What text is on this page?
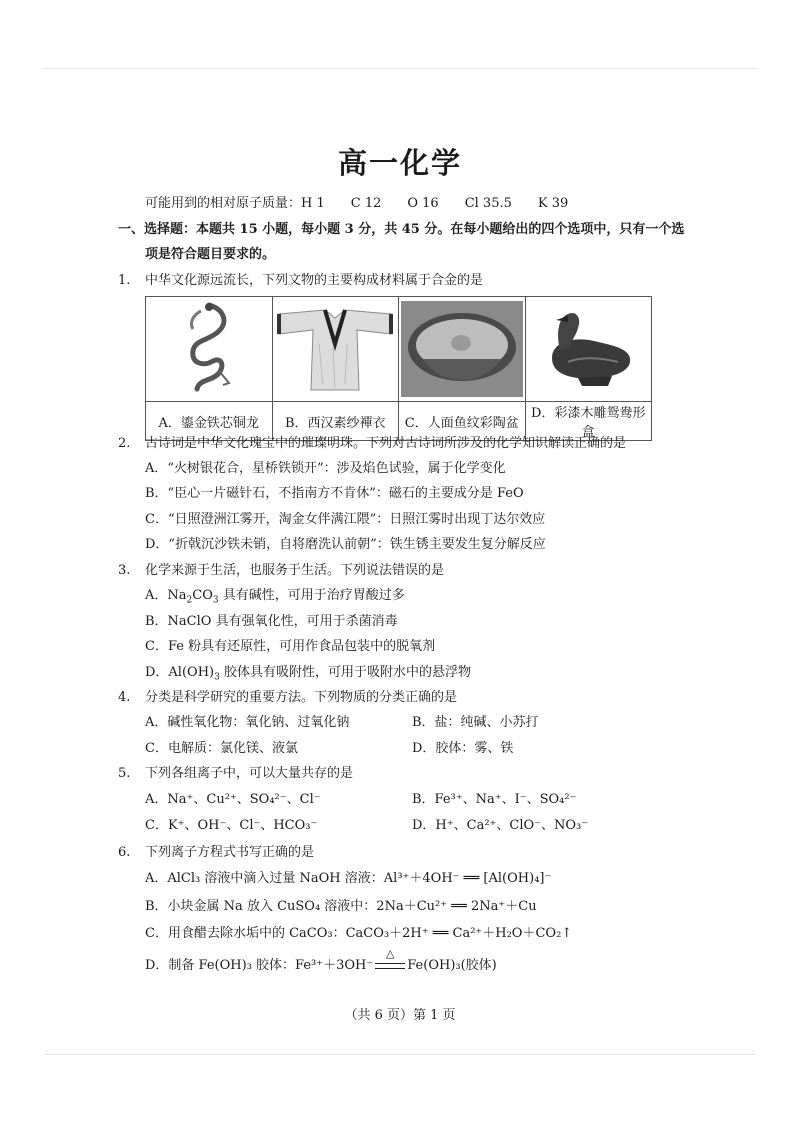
高一化学
可能用到的相对原子质量：H 1　　C 12　　O 16　　Cl 35.5　　K 39
一、选择题：本题共 15 小题，每小题 3 分，共 45 分。在每小题给出的四个选项中，只有一个选
项是符合题目要求的。
1. 中华文化源远流长，下列文物的主要构成材料属于合金的是

A．鎏金铁芯铜龙	B．西汉素纱襌衣	C．人面鱼纹彩陶盆	D．彩漆木雕鸳鸯形盒
2. 古诗词是中华文化瑰宝中的璀璨明珠。下列对古诗词所涉及的化学知识解读正确的是
A．“火树银花合，星桥铁锁开”：涉及焰色试验，属于化学变化
B．“臣心一片磁针石，不指南方不肯休”：磁石的主要成分是 FeO
C．“日照澄洲江雾开，淘金女伴满江隈”：日照江雾时出现丁达尔效应
D．“折戟沉沙铁未销，自将磨洗认前朝”：铁生锈主要发生复分解反应
3. 化学来源于生活，也服务于生活。下列说法错误的是
A．$Na_2CO_3$ 具有碱性，可用于治疗胃酸过多
B．NaClO 具有强氧化性，可用于杀菌消毒
C．Fe 粉具有还原性，可用作食品包装中的脱氧剂
D．$Al(OH)_3$ 胶体具有吸附性，可用于吸附水中的悬浮物
4. 分类是科学研究的重要方法。下列物质的分类正确的是
A．碱性氧化物：氧化钠、过氧化钠	B．盐：纯碱、小苏打
C．电解质：氯化镁、液氯	D．胶体：雾、铁
5. 下列各组离子中，可以大量共存的是
A．Na⁺、Cu²⁺、SO₄²⁻、Cl⁻	B．Fe³⁺、Na⁺、I⁻、SO₄²⁻
C．K⁺、OH⁻、Cl⁻、HCO₃⁻	D．H⁺、Ca²⁺、ClO⁻、NO₃⁻
6. 下列离子方程式书写正确的是
A．AlCl₃ 溶液中滴入过量 NaOH 溶液：Al³⁺＋4OH⁻ ══ [Al(OH)₄]⁻
B．小块金属 Na 放入 CuSO₄ 溶液中：2Na＋Cu²⁺ ══ 2Na⁺＋Cu
C．用食醋去除水垢中的 CaCO₃：CaCO₃＋2H⁺ ══ Ca²⁺＋H₂O＋CO₂↑
D．制备 Fe(OH)₃ 胶体：Fe³⁺＋3OH⁻
△
Fe(OH)₃(胶体)
（共 6 页）第 1 页
